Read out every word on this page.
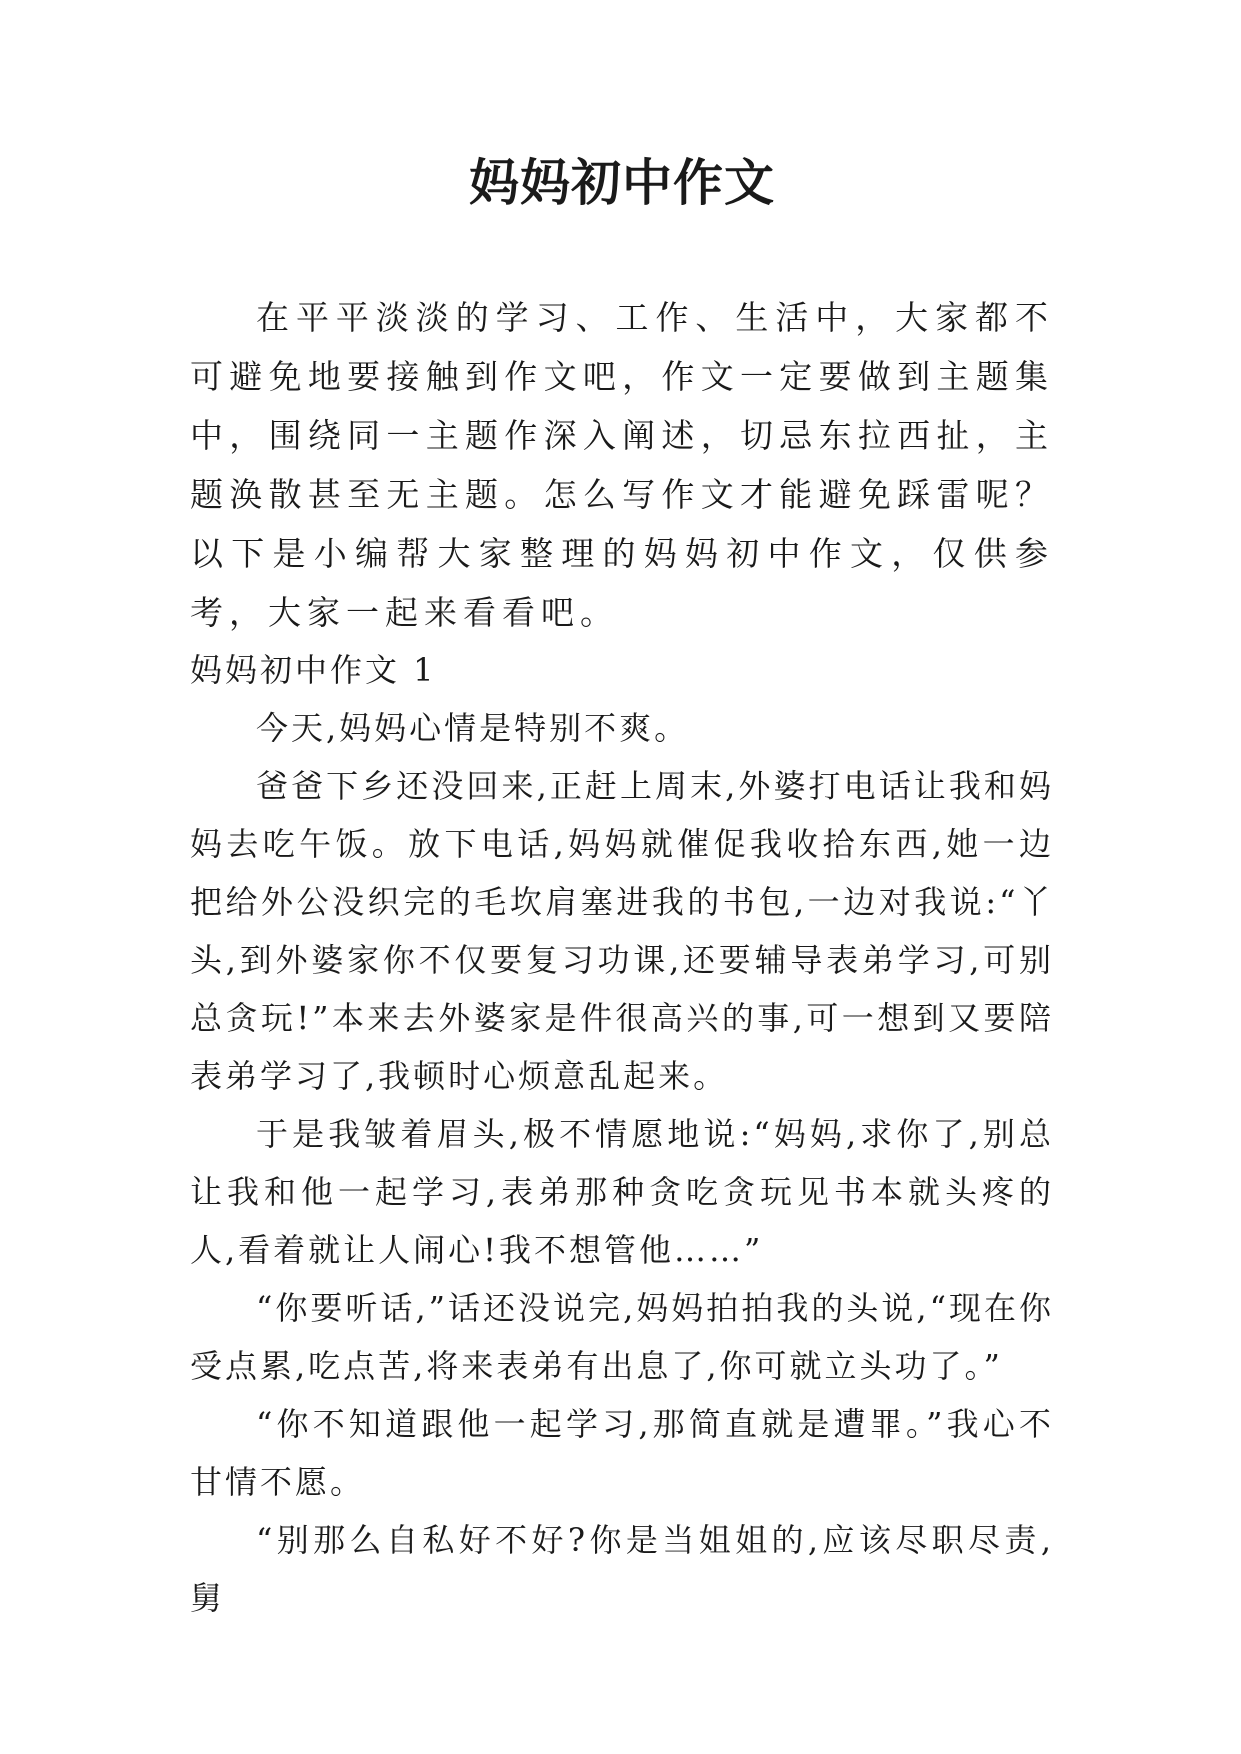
妈妈初中作文

在平平淡淡的学习、工作、生活中，大家都不可避免地要接触到作文吧，作文一定要做到主题集中，围绕同一主题作深入阐述，切忌东拉西扯，主题涣散甚至无主题。怎么写作文才能避免踩雷呢？以下是小编帮大家整理的妈妈初中作文，仅供参考，大家一起来看看吧。

妈妈初中作文 1

今天,妈妈心情是特别不爽。

爸爸下乡还没回来,正赶上周末,外婆打电话让我和妈妈去吃午饭。放下电话,妈妈就催促我收拾东西,她一边把给外公没织完的毛坎肩塞进我的书包,一边对我说:“丫头,到外婆家你不仅要复习功课,还要辅导表弟学习,可别总贪玩!”本来去外婆家是件很高兴的事,可一想到又要陪表弟学习了,我顿时心烦意乱起来。

于是我皱着眉头,极不情愿地说:“妈妈,求你了,别总让我和他一起学习,表弟那种贪吃贪玩见书本就头疼的人,看着就让人闹心!我不想管他……”

“你要听话,”话还没说完,妈妈拍拍我的头说,“现在你受点累,吃点苦,将来表弟有出息了,你可就立头功了。”

“你不知道跟他一起学习,那简直就是遭罪。”我心不甘情不愿。

“别那么自私好不好?你是当姐姐的,应该尽职尽责,舅
